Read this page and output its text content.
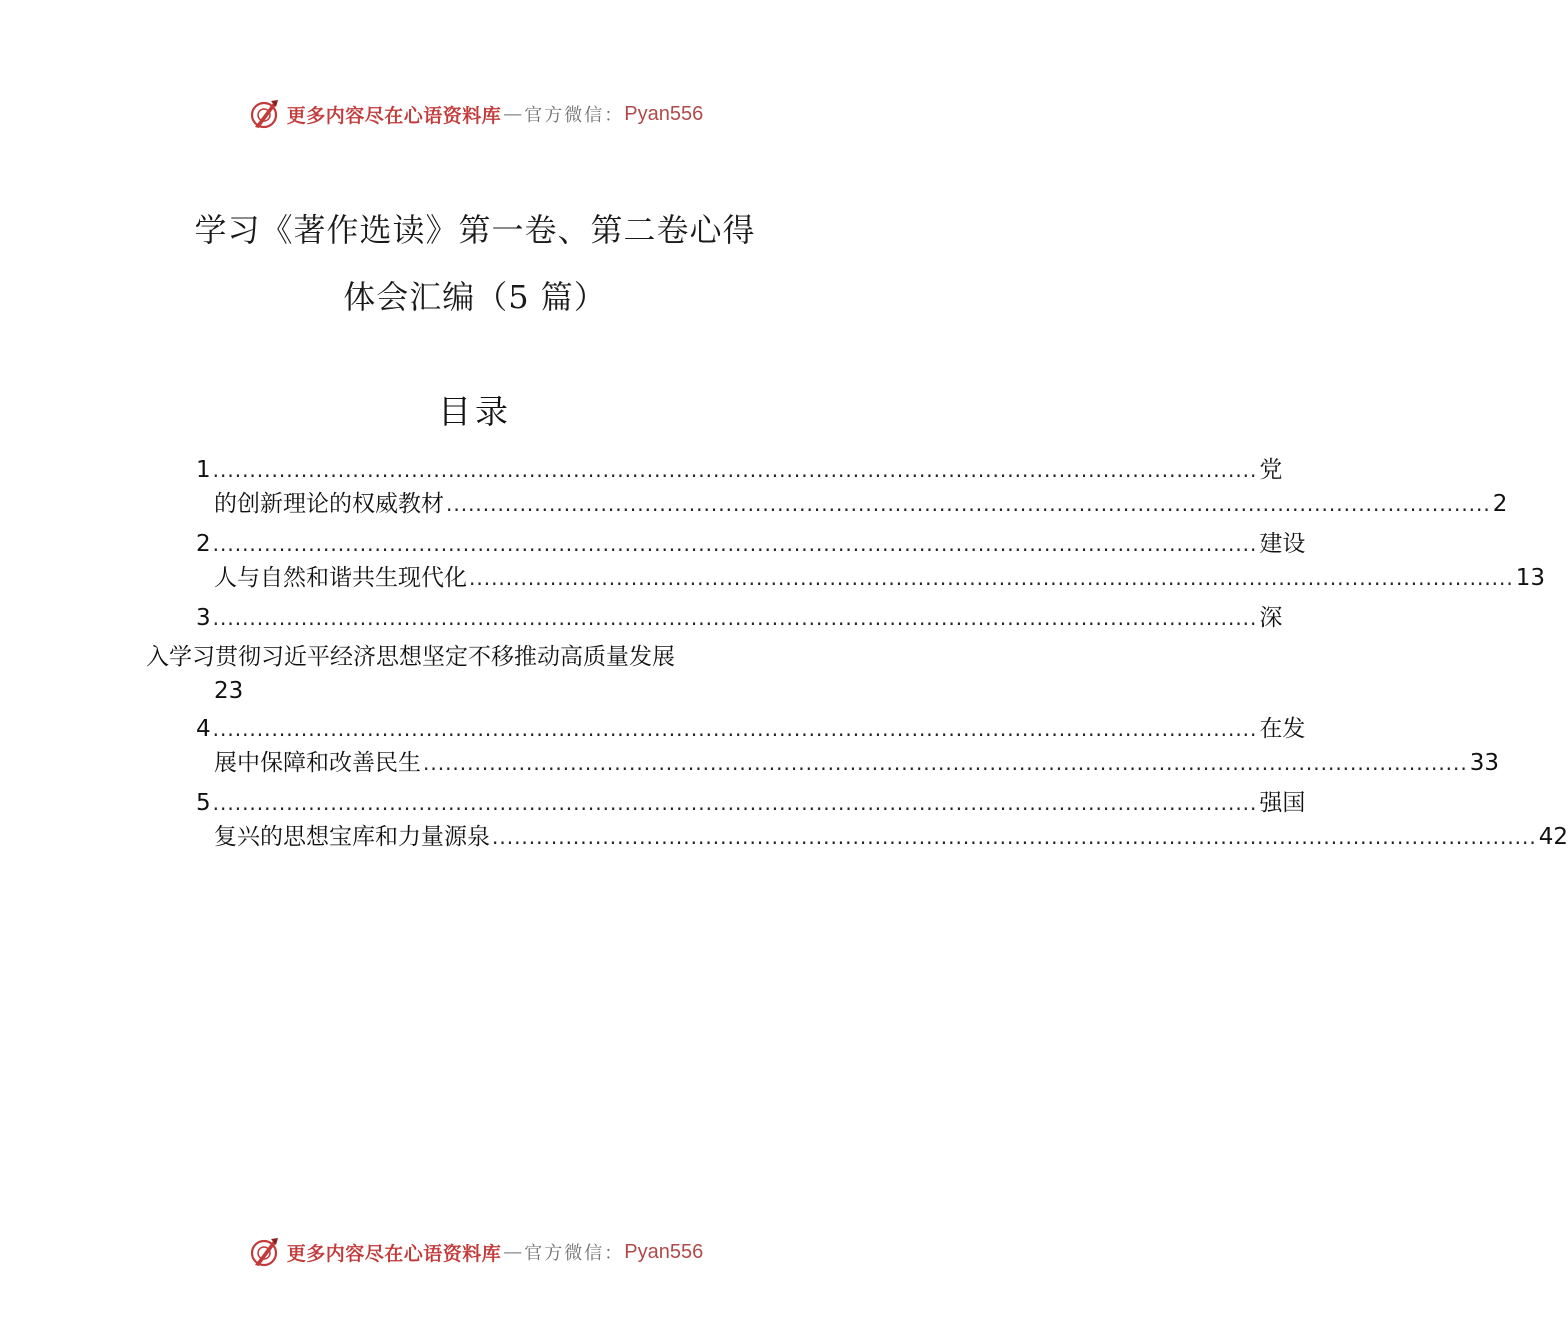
更多内容尽在心语资料库 — 官方微信： Pyan556
学习《著作选读》第一卷、第二卷心得
体会汇编（5 篇）
目录
1 .............................................................................................................................................. 党
的创新理论的权威教材 .............................................................................................................................................. 2
2 .............................................................................................................................................. 建设
人与自然和谐共生现代化 .............................................................................................................................................. 13
3 .............................................................................................................................................. 深
入学习贯彻习近平经济思想坚定不移推动高质量发展
23
4 .............................................................................................................................................. 在发
展中保障和改善民生 .............................................................................................................................................. 33
5 .............................................................................................................................................. 强国
复兴的思想宝库和力量源泉 .............................................................................................................................................. 42
更多内容尽在心语资料库 — 官方微信： Pyan556
